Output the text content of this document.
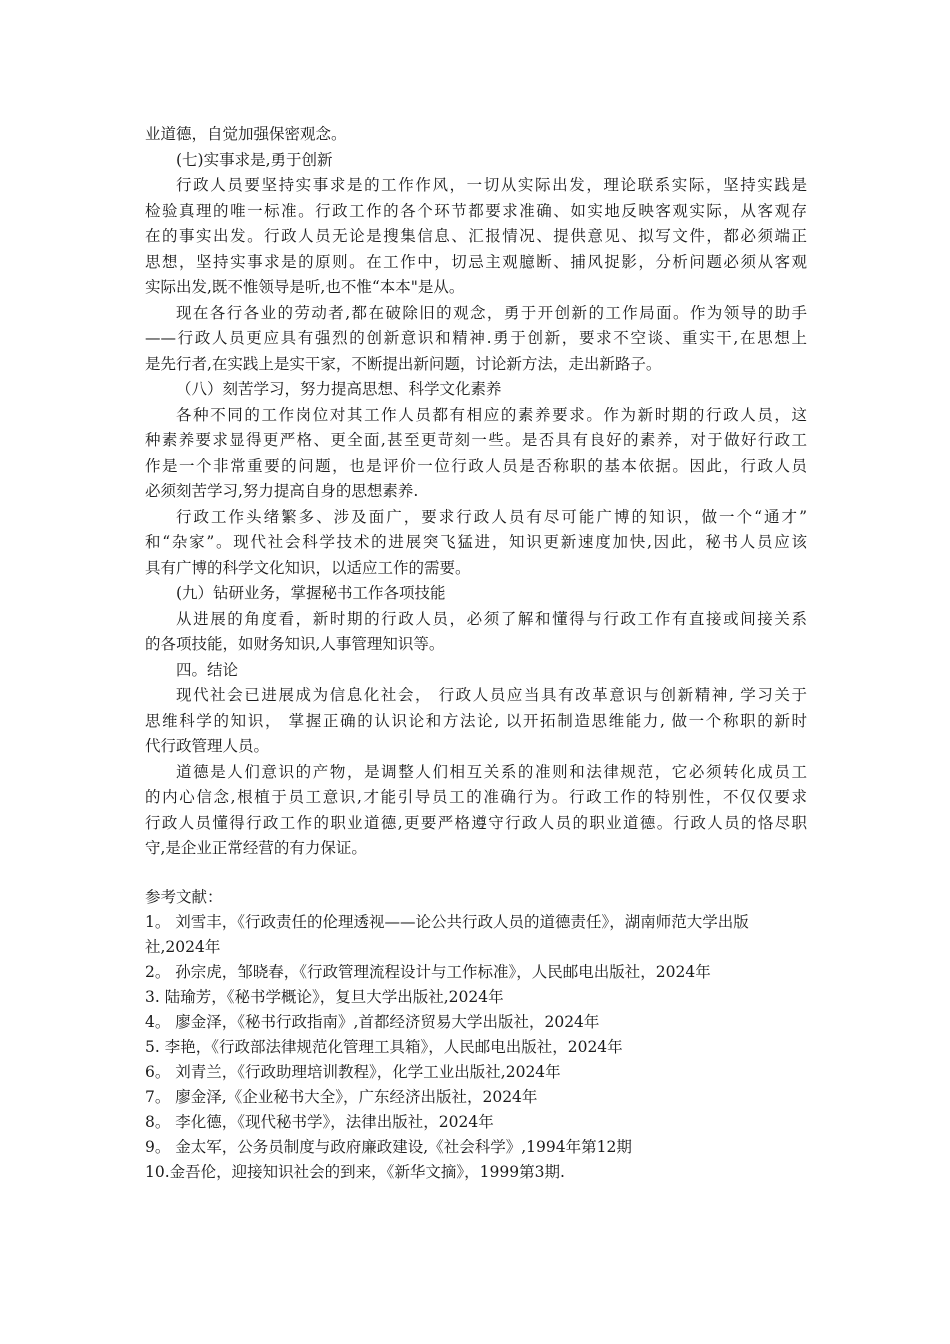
业道德，自觉加强保密观念。
(七)实事求是,勇于创新
行政人员要坚持实事求是的工作作风，一切从实际出发，理论联系实际，坚持实践是
检验真理的唯一标准。行政工作的各个环节都要求准确、如实地反映客观实际，从客观存
在的事实出发。行政人员无论是搜集信息、汇报情况、提供意见、拟写文件，都必须端正
思想，坚持实事求是的原则。在工作中，切忌主观臆断、捕风捉影，分析问题必须从客观
实际出发,既不惟领导是听,也不惟“本本"是从。
现在各行各业的劳动者,都在破除旧的观念，勇于开创新的工作局面。作为领导的助手
——行政人员更应具有强烈的创新意识和精神.勇于创新，要求不空谈、重实干,在思想上
是先行者,在实践上是实干家，不断提出新问题，讨论新方法，走出新路子。
（八）刻苦学习，努力提高思想、科学文化素养
各种不同的工作岗位对其工作人员都有相应的素养要求。作为新时期的行政人员，这
种素养要求显得更严格、更全面,甚至更苛刻一些。是否具有良好的素养，对于做好行政工
作是一个非常重要的问题，也是评价一位行政人员是否称职的基本依据。因此，行政人员
必须刻苦学习,努力提高自身的思想素养.
行政工作头绪繁多、涉及面广，要求行政人员有尽可能广博的知识，做一个“通才”
和“杂家”。现代社会科学技术的进展突飞猛进，知识更新速度加快,因此，秘书人员应该
具有广博的科学文化知识，以适应工作的需要。
(九）钻研业务，掌握秘书工作各项技能
从进展的角度看，新时期的行政人员，必须了解和懂得与行政工作有直接或间接关系
的各项技能，如财务知识,人事管理知识等。
四。结论
现代社会已进展成为信息化社会， 行政人员应当具有改革意识与创新精神, 学习关于
思维科学的知识， 掌握正确的认识论和方法论, 以开拓制造思维能力, 做一个称职的新时
代行政管理人员。
道德是人们意识的产物，是调整人们相互关系的准则和法律规范，它必须转化成员工
的内心信念,根植于员工意识,才能引导员工的准确行为。行政工作的特别性，不仅仅要求
行政人员懂得行政工作的职业道德,更要严格遵守行政人员的职业道德。行政人员的恪尽职
守,是企业正常经营的有力保证。
参考文献：
1。 刘雪丰，《行政责任的伦理透视——论公共行政人员的道德责任》，湖南师范大学出版社,2024年
2。 孙宗虎，邹晓春，《行政管理流程设计与工作标准》，人民邮电出版社，2024年
3. 陆瑜芳，《秘书学概论》，复旦大学出版社,2024年
4。 廖金泽，《秘书行政指南》,首都经济贸易大学出版社，2024年
5. 李艳，《行政部法律规范化管理工具箱》，人民邮电出版社，2024年
6。 刘青兰，《行政助理培训教程》，化学工业出版社,2024年
7。 廖金泽,《企业秘书大全》，广东经济出版社，2024年
8。 李化德，《现代秘书学》，法律出版社，2024年
9。 金太军，公务员制度与政府廉政建设,《社会科学》,1994年第12期
10.金吾伦，迎接知识社会的到来，《新华文摘》，1999第3期.
